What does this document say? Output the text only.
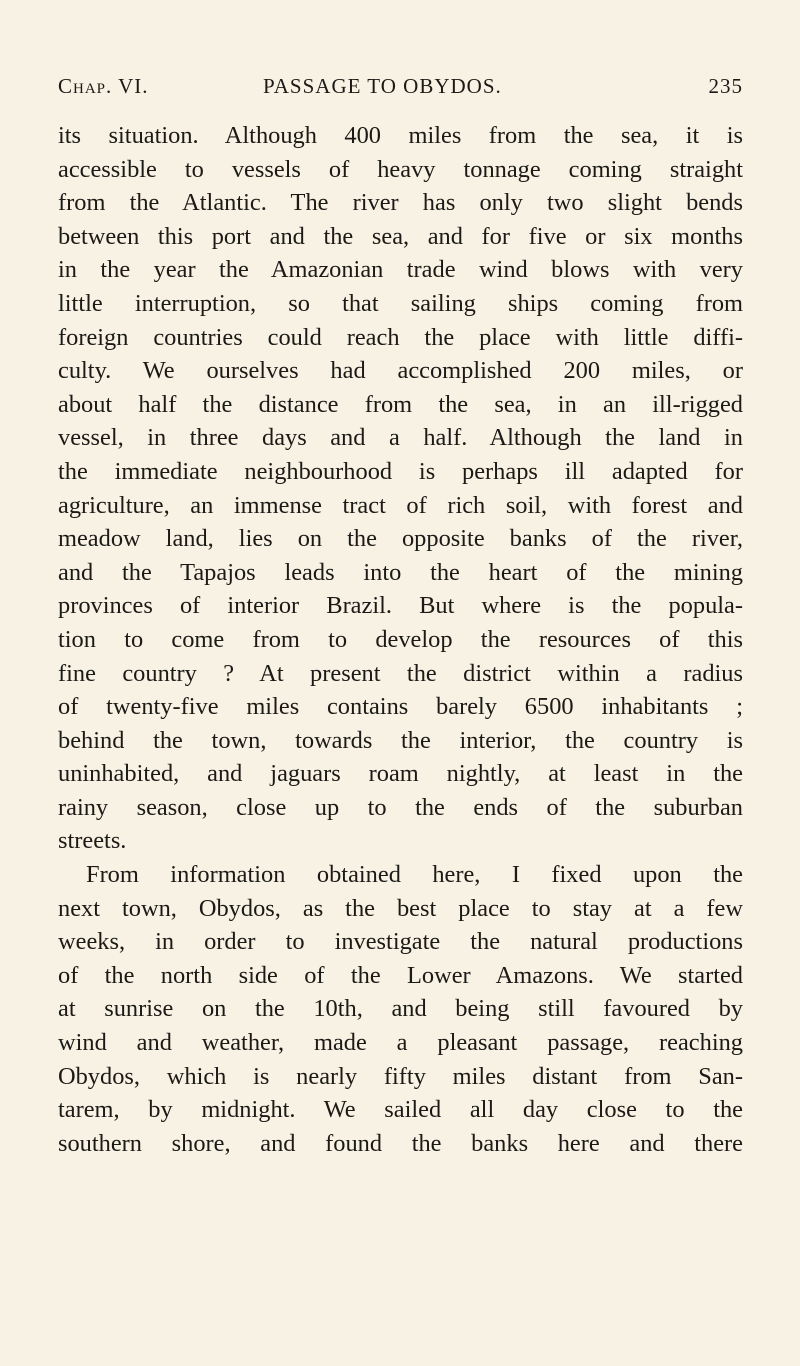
Chap. VI.	PASSAGE TO OBYDOS.	235
its situation. Although 400 miles from the sea, it is
accessible to vessels of heavy tonnage coming straight
from the Atlantic. The river has only two slight bends
between this port and the sea, and for five or six months
in the year the Amazonian trade wind blows with very
little interruption, so that sailing ships coming from
foreign countries could reach the place with little diffi-
culty. We ourselves had accomplished 200 miles, or
about half the distance from the sea, in an ill-rigged
vessel, in three days and a half. Although the land in
the immediate neighbourhood is perhaps ill adapted for
agriculture, an immense tract of rich soil, with forest and
meadow land, lies on the opposite banks of the river,
and the Tapajos leads into the heart of the mining
provinces of interior Brazil. But where is the popula-
tion to come from to develop the resources of this
fine country ? At present the district within a radius
of twenty-five miles contains barely 6500 inhabitants ;
behind the town, towards the interior, the country is
uninhabited, and jaguars roam nightly, at least in the
rainy season, close up to the ends of the suburban
streets.
From information obtained here, I fixed upon the
next town, Obydos, as the best place to stay at a few
weeks, in order to investigate the natural productions
of the north side of the Lower Amazons. We started
at sunrise on the 10th, and being still favoured by
wind and weather, made a pleasant passage, reaching
Obydos, which is nearly fifty miles distant from San-
tarem, by midnight. We sailed all day close to the
southern shore, and found the banks here and there
